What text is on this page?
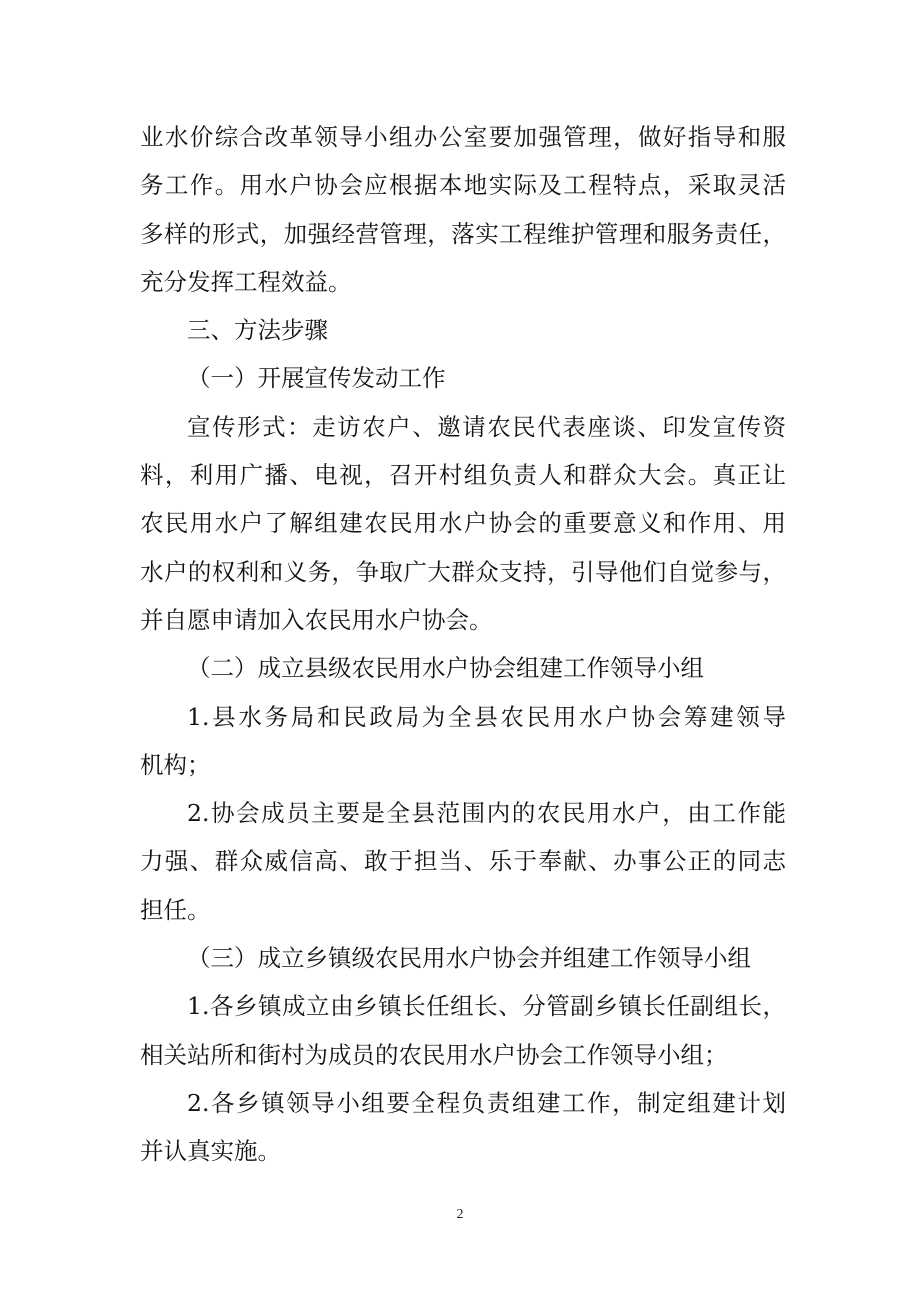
业水价综合改革领导小组办公室要加强管理，做好指导和服
务工作。用水户协会应根据本地实际及工程特点，采取灵活
多样的形式，加强经营管理，落实工程维护管理和服务责任，
充分发挥工程效益。
三、方法步骤
（一）开展宣传发动工作
宣传形式：走访农户、邀请农民代表座谈、印发宣传资
料，利用广播、电视，召开村组负责人和群众大会。真正让
农民用水户了解组建农民用水户协会的重要意义和作用、用
水户的权利和义务，争取广大群众支持，引导他们自觉参与，
并自愿申请加入农民用水户协会。
（二）成立县级农民用水户协会组建工作领导小组
1.县水务局和民政局为全县农民用水户协会筹建领导
机构；
2.协会成员主要是全县范围内的农民用水户，由工作能
力强、群众威信高、敢于担当、乐于奉献、办事公正的同志
担任。
（三）成立乡镇级农民用水户协会并组建工作领导小组
1.各乡镇成立由乡镇长任组长、分管副乡镇长任副组长，
相关站所和街村为成员的农民用水户协会工作领导小组；
2.各乡镇领导小组要全程负责组建工作，制定组建计划
并认真实施。
2
